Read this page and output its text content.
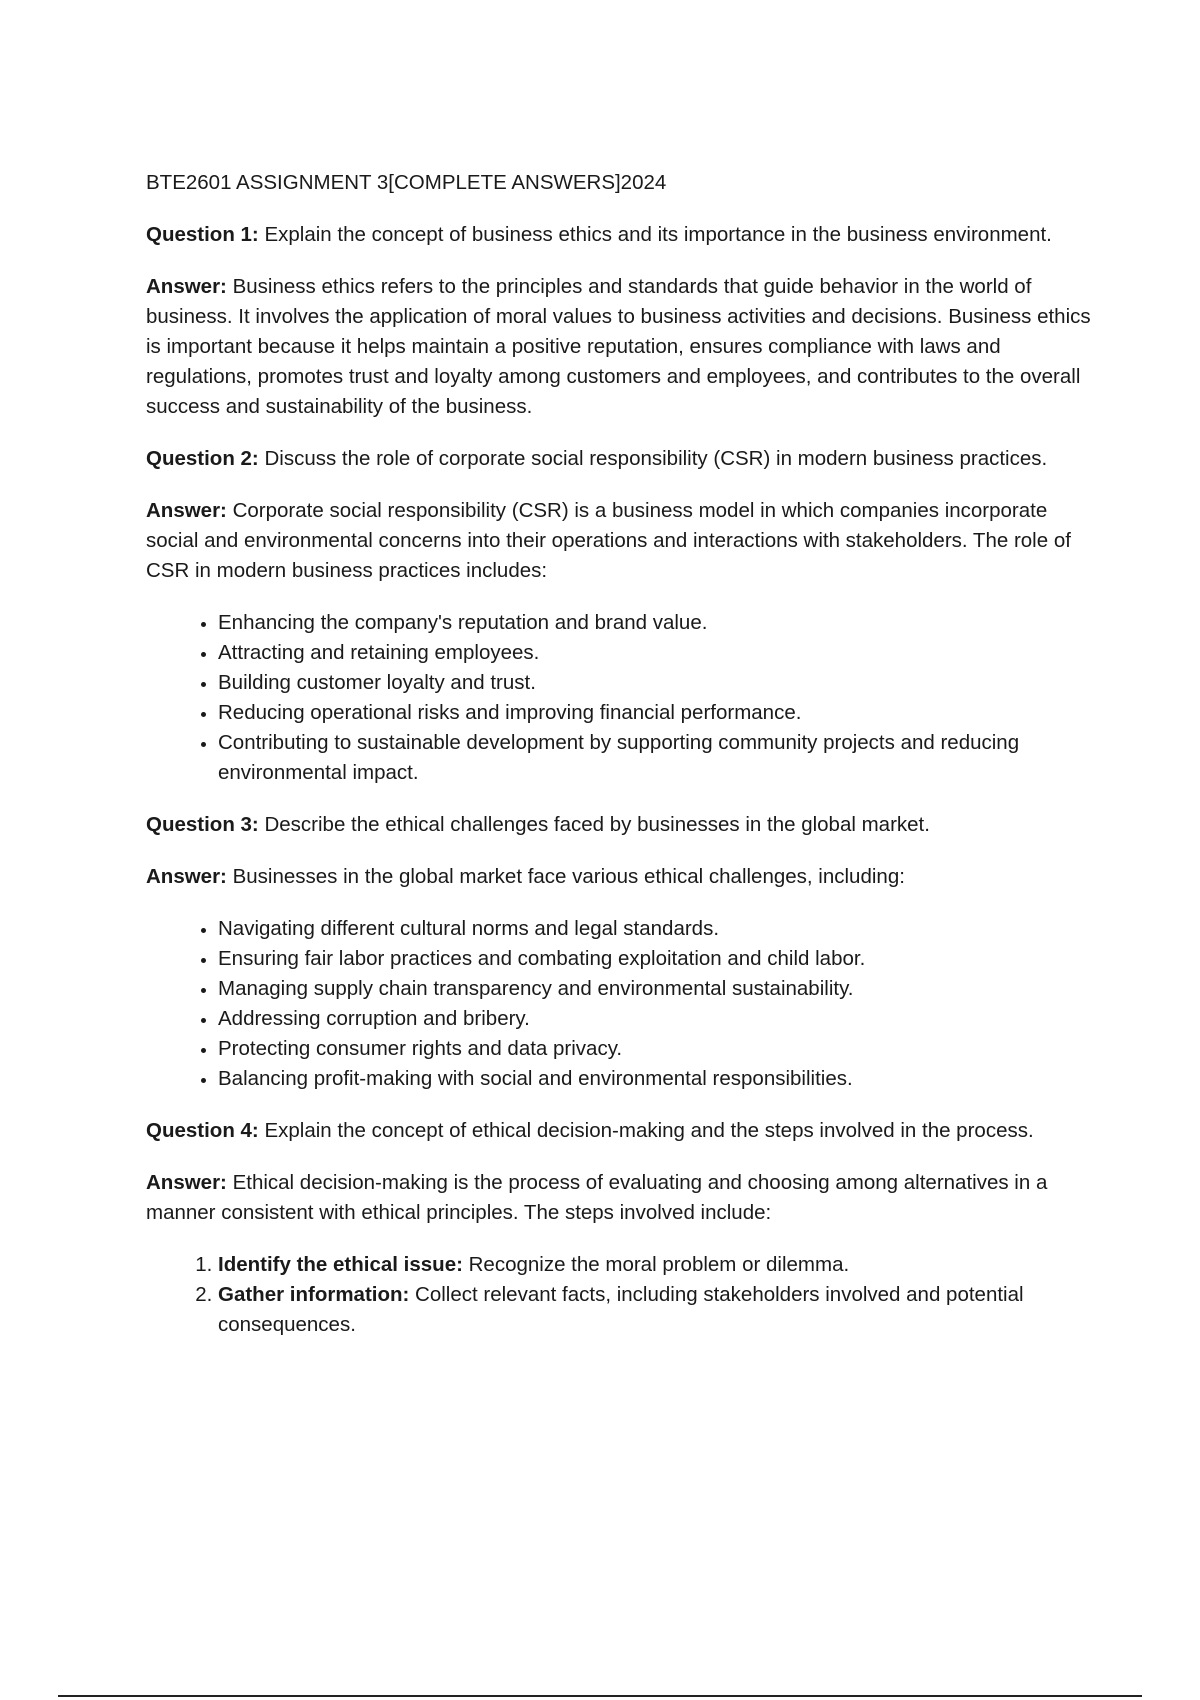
BTE2601 ASSIGNMENT 3[COMPLETE ANSWERS]2024

Question 1: Explain the concept of business ethics and its importance in the business environment.

Answer: Business ethics refers to the principles and standards that guide behavior in the world of business. It involves the application of moral values to business activities and decisions. Business ethics is important because it helps maintain a positive reputation, ensures compliance with laws and regulations, promotes trust and loyalty among customers and employees, and contributes to the overall success and sustainability of the business.

Question 2: Discuss the role of corporate social responsibility (CSR) in modern business practices.

Answer: Corporate social responsibility (CSR) is a business model in which companies incorporate social and environmental concerns into their operations and interactions with stakeholders. The role of CSR in modern business practices includes:

• Enhancing the company's reputation and brand value.
• Attracting and retaining employees.
• Building customer loyalty and trust.
• Reducing operational risks and improving financial performance.
• Contributing to sustainable development by supporting community projects and reducing environmental impact.

Question 3: Describe the ethical challenges faced by businesses in the global market.

Answer: Businesses in the global market face various ethical challenges, including:

• Navigating different cultural norms and legal standards.
• Ensuring fair labor practices and combating exploitation and child labor.
• Managing supply chain transparency and environmental sustainability.
• Addressing corruption and bribery.
• Protecting consumer rights and data privacy.
• Balancing profit-making with social and environmental responsibilities.

Question 4: Explain the concept of ethical decision-making and the steps involved in the process.

Answer: Ethical decision-making is the process of evaluating and choosing among alternatives in a manner consistent with ethical principles. The steps involved include:

1. Identify the ethical issue: Recognize the moral problem or dilemma.
2. Gather information: Collect relevant facts, including stakeholders involved and potential consequences.
